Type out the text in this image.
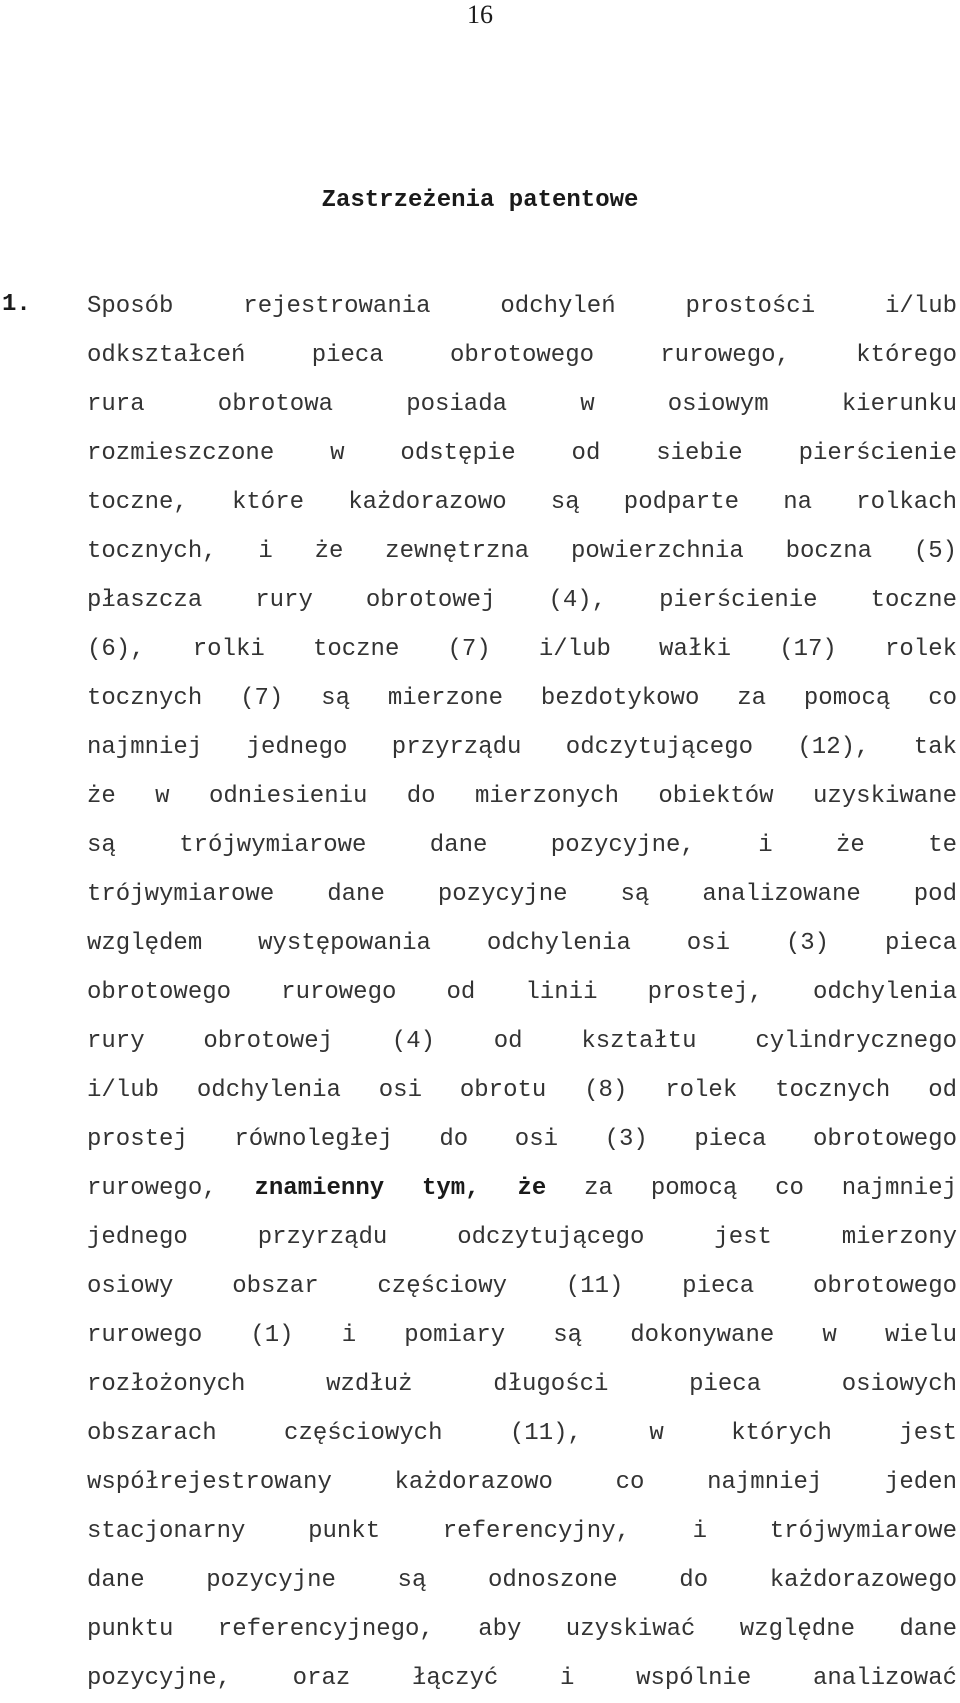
16
Zastrzeżenia patentowe
1. Sposób rejestrowania odchyleń prostości i/lub
odkształceń pieca obrotowego rurowego, którego
rura obrotowa posiada w osiowym kierunku
rozmieszczone w odstępie od siebie pierścienie
toczne, które każdorazowo są podparte na rolkach
tocznych, i że zewnętrzna powierzchnia boczna (5)
płaszcza rury obrotowej (4), pierścienie toczne
(6), rolki toczne (7) i/lub wałki (17) rolek
tocznych (7) są mierzone bezdotykowo za pomocą co
najmniej jednego przyrządu odczytującego (12), tak
że w odniesieniu do mierzonych obiektów uzyskiwane
są trójwymiarowe dane pozycyjne, i że te
trójwymiarowe dane pozycyjne są analizowane pod
względem występowania odchylenia osi (3) pieca
obrotowego rurowego od linii prostej, odchylenia
rury obrotowej (4) od kształtu cylindrycznego
i/lub odchylenia osi obrotu (8) rolek tocznych od
prostej równoległej do osi (3) pieca obrotowego
rurowego, znamienny tym, że za pomocą co najmniej
jednego przyrządu odczytującego jest mierzony
osiowy obszar częściowy (11) pieca obrotowego
rurowego (1) i pomiary są dokonywane w wielu
rozłożonych wzdłuż długości pieca osiowych
obszarach częściowych (11), w których jest
współrejestrowany każdorazowo co najmniej jeden
stacjonarny punkt referencyjny, i trójwymiarowe
dane pozycyjne są odnoszone do każdorazowego
punktu referencyjnego, aby uzyskiwać względne dane
pozycyjne, oraz łączyć i wspólnie analizować
